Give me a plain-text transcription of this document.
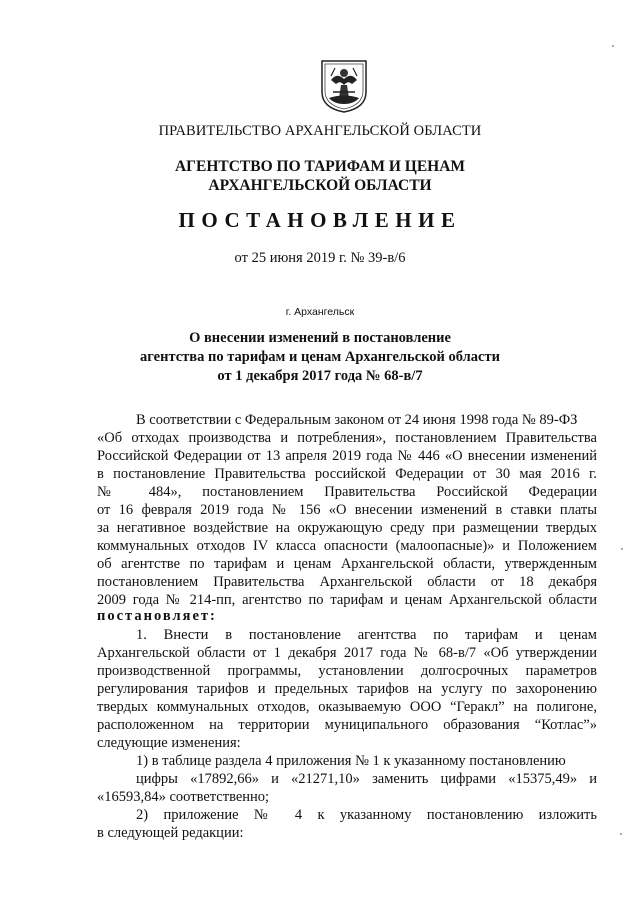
ПРАВИТЕЛЬСТВО АРХАНГЕЛЬСКОЙ ОБЛАСТИ
АГЕНТСТВО ПО ТАРИФАМ И ЦЕНАМ
АРХАНГЕЛЬСКОЙ ОБЛАСТИ
ПОСТАНОВЛЕНИЕ
от 25 июня 2019 г. № 39-в/6
г. Архангельск
О внесении изменений в постановление
агентства по тарифам и ценам Архангельской области
от 1 декабря 2017 года № 68-в/7
В соответствии с Федеральным законом от 24 июня 1998 года № 89-ФЗ
«Об отходах производства и потребления», постановлением Правительства
Российской Федерации от 13 апреля 2019 года № 446 «О внесении изменений
в постановление Правительства российской Федерации от 30 мая 2016 г.
№ 484», постановлением Правительства Российской Федерации
от 16 февраля 2019 года № 156 «О внесении изменений в ставки платы
за негативное воздействие на окружающую среду при размещении твердых
коммунальных отходов IV класса опасности (малоопасные)» и Положением
об агентстве по тарифам и ценам Архангельской области, утвержденным
постановлением Правительства Архангельской области от 18 декабря
2009 года № 214-пп, агентство по тарифам и ценам Архангельской области
постановляет:
1. Внести в постановление агентства по тарифам и ценам
Архангельской области от 1 декабря 2017 года № 68-в/7 «Об утверждении
производственной программы, установлении долгосрочных параметров
регулирования тарифов и предельных тарифов на услугу по захоронению
твердых коммунальных отходов, оказываемую ООО “Геракл” на полигоне,
расположенном на территории муниципального образования “Котлас”»
следующие изменения:
1) в таблице раздела 4 приложения № 1 к указанному постановлению
цифры «17892,66» и «21271,10» заменить цифрами «15375,49» и
«16593,84» соответственно;
2) приложение № 4 к указанному постановлению изложить
в следующей редакции:
